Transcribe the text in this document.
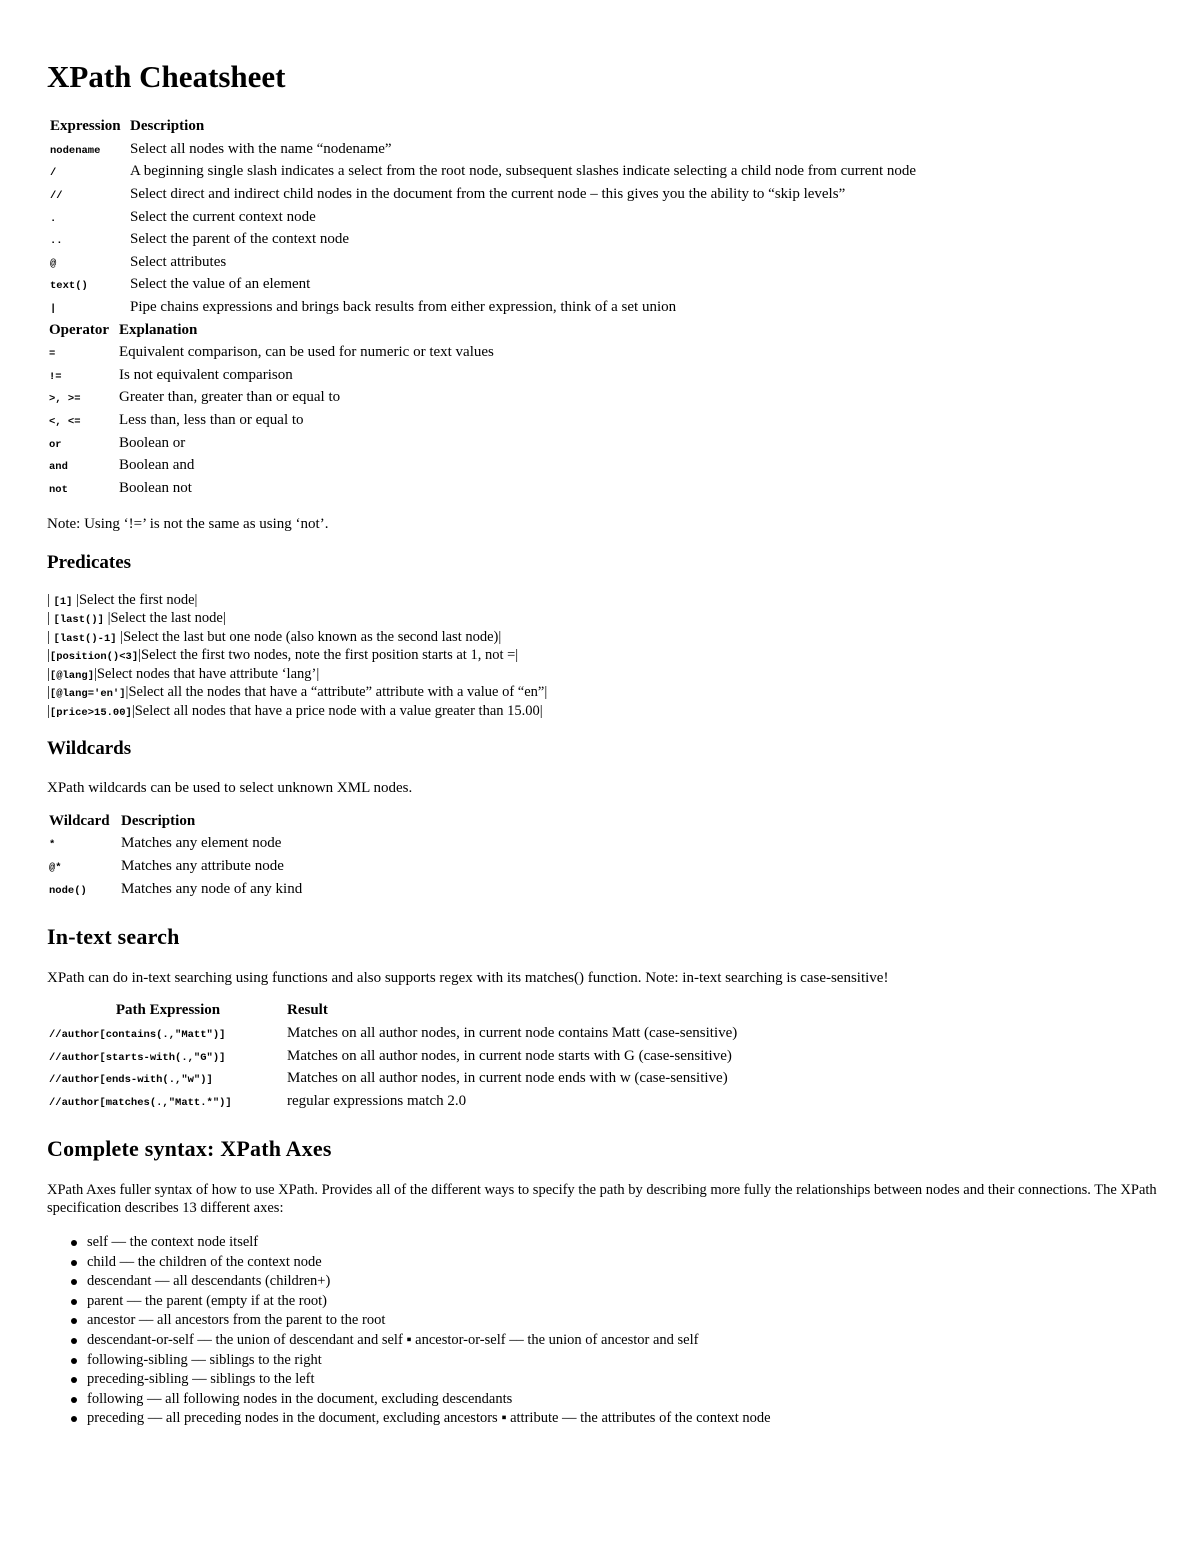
XPath Cheatsheet
Expression	Description
nodename	Select all nodes with the name “nodename”
/	A beginning single slash indicates a select from the root node, subsequent slashes indicate selecting a child node from current node
//	Select direct and indirect child nodes in the document from the current node – this gives you the ability to “skip levels”
.	Select the current context node
..	Select the parent of the context node
@	Select attributes
text()	Select the value of an element
|	Pipe chains expressions and brings back results from either expression, think of a set union
Operator	Explanation
=	Equivalent comparison, can be used for numeric or text values
!=	Is not equivalent comparison
>, >=	Greater than, greater than or equal to
<, <=	Less than, less than or equal to
or	Boolean or
and	Boolean and
not	Boolean not

Note: Using ‘!=’ is not the same as using ‘not’.

Predicates
| [1] |Select the first node|
| [last()] |Select the last node|
| [last()-1] |Select the last but one node (also known as the second last node)|
|[position()<3]|Select the first two nodes, note the first position starts at 1, not =|
|[@lang]|Select nodes that have attribute ‘lang’|
|[@lang='en']|Select all the nodes that have a “attribute” attribute with a value of “en”|
|[price>15.00]|Select all nodes that have a price node with a value greater than 15.00|
Wildcards

XPath wildcards can be used to select unknown XML nodes.

Wildcard	Description
*	Matches any element node
@*	Matches any attribute node
node()	Matches any node of any kind
In-text search

XPath can do in-text searching using functions and also supports regex with its matches() function. Note: in-text searching is case-sensitive!

Path Expression	Result
//author[contains(.,"Matt")]	Matches on all author nodes, in current node contains Matt (case-sensitive)
//author[starts-with(.,"G")]	Matches on all author nodes, in current node starts with G (case-sensitive)
//author[ends-with(.,"w")]	Matches on all author nodes, in current node ends with w (case-sensitive)
//author[matches(.,"Matt.*")]	regular expressions match 2.0
Complete syntax: XPath Axes

XPath Axes fuller syntax of how to use XPath. Provides all of the different ways to specify the path by describing more fully the relationships between nodes and their connections. The XPath specification describes 13 different axes:

self –– the context node itself
child –– the children of the context node
descendant –– all descendants (children+)
parent –– the parent (empty if at the root)
ancestor –– all ancestors from the parent to the root
descendant-or-self –– the union of descendant and self ▪ ancestor-or-self –– the union of ancestor and self
following-sibling –– siblings to the right
preceding-sibling –– siblings to the left
following –– all following nodes in the document, excluding descendants
preceding –– all preceding nodes in the document, excluding ancestors ▪ attribute –– the attributes of the context node
